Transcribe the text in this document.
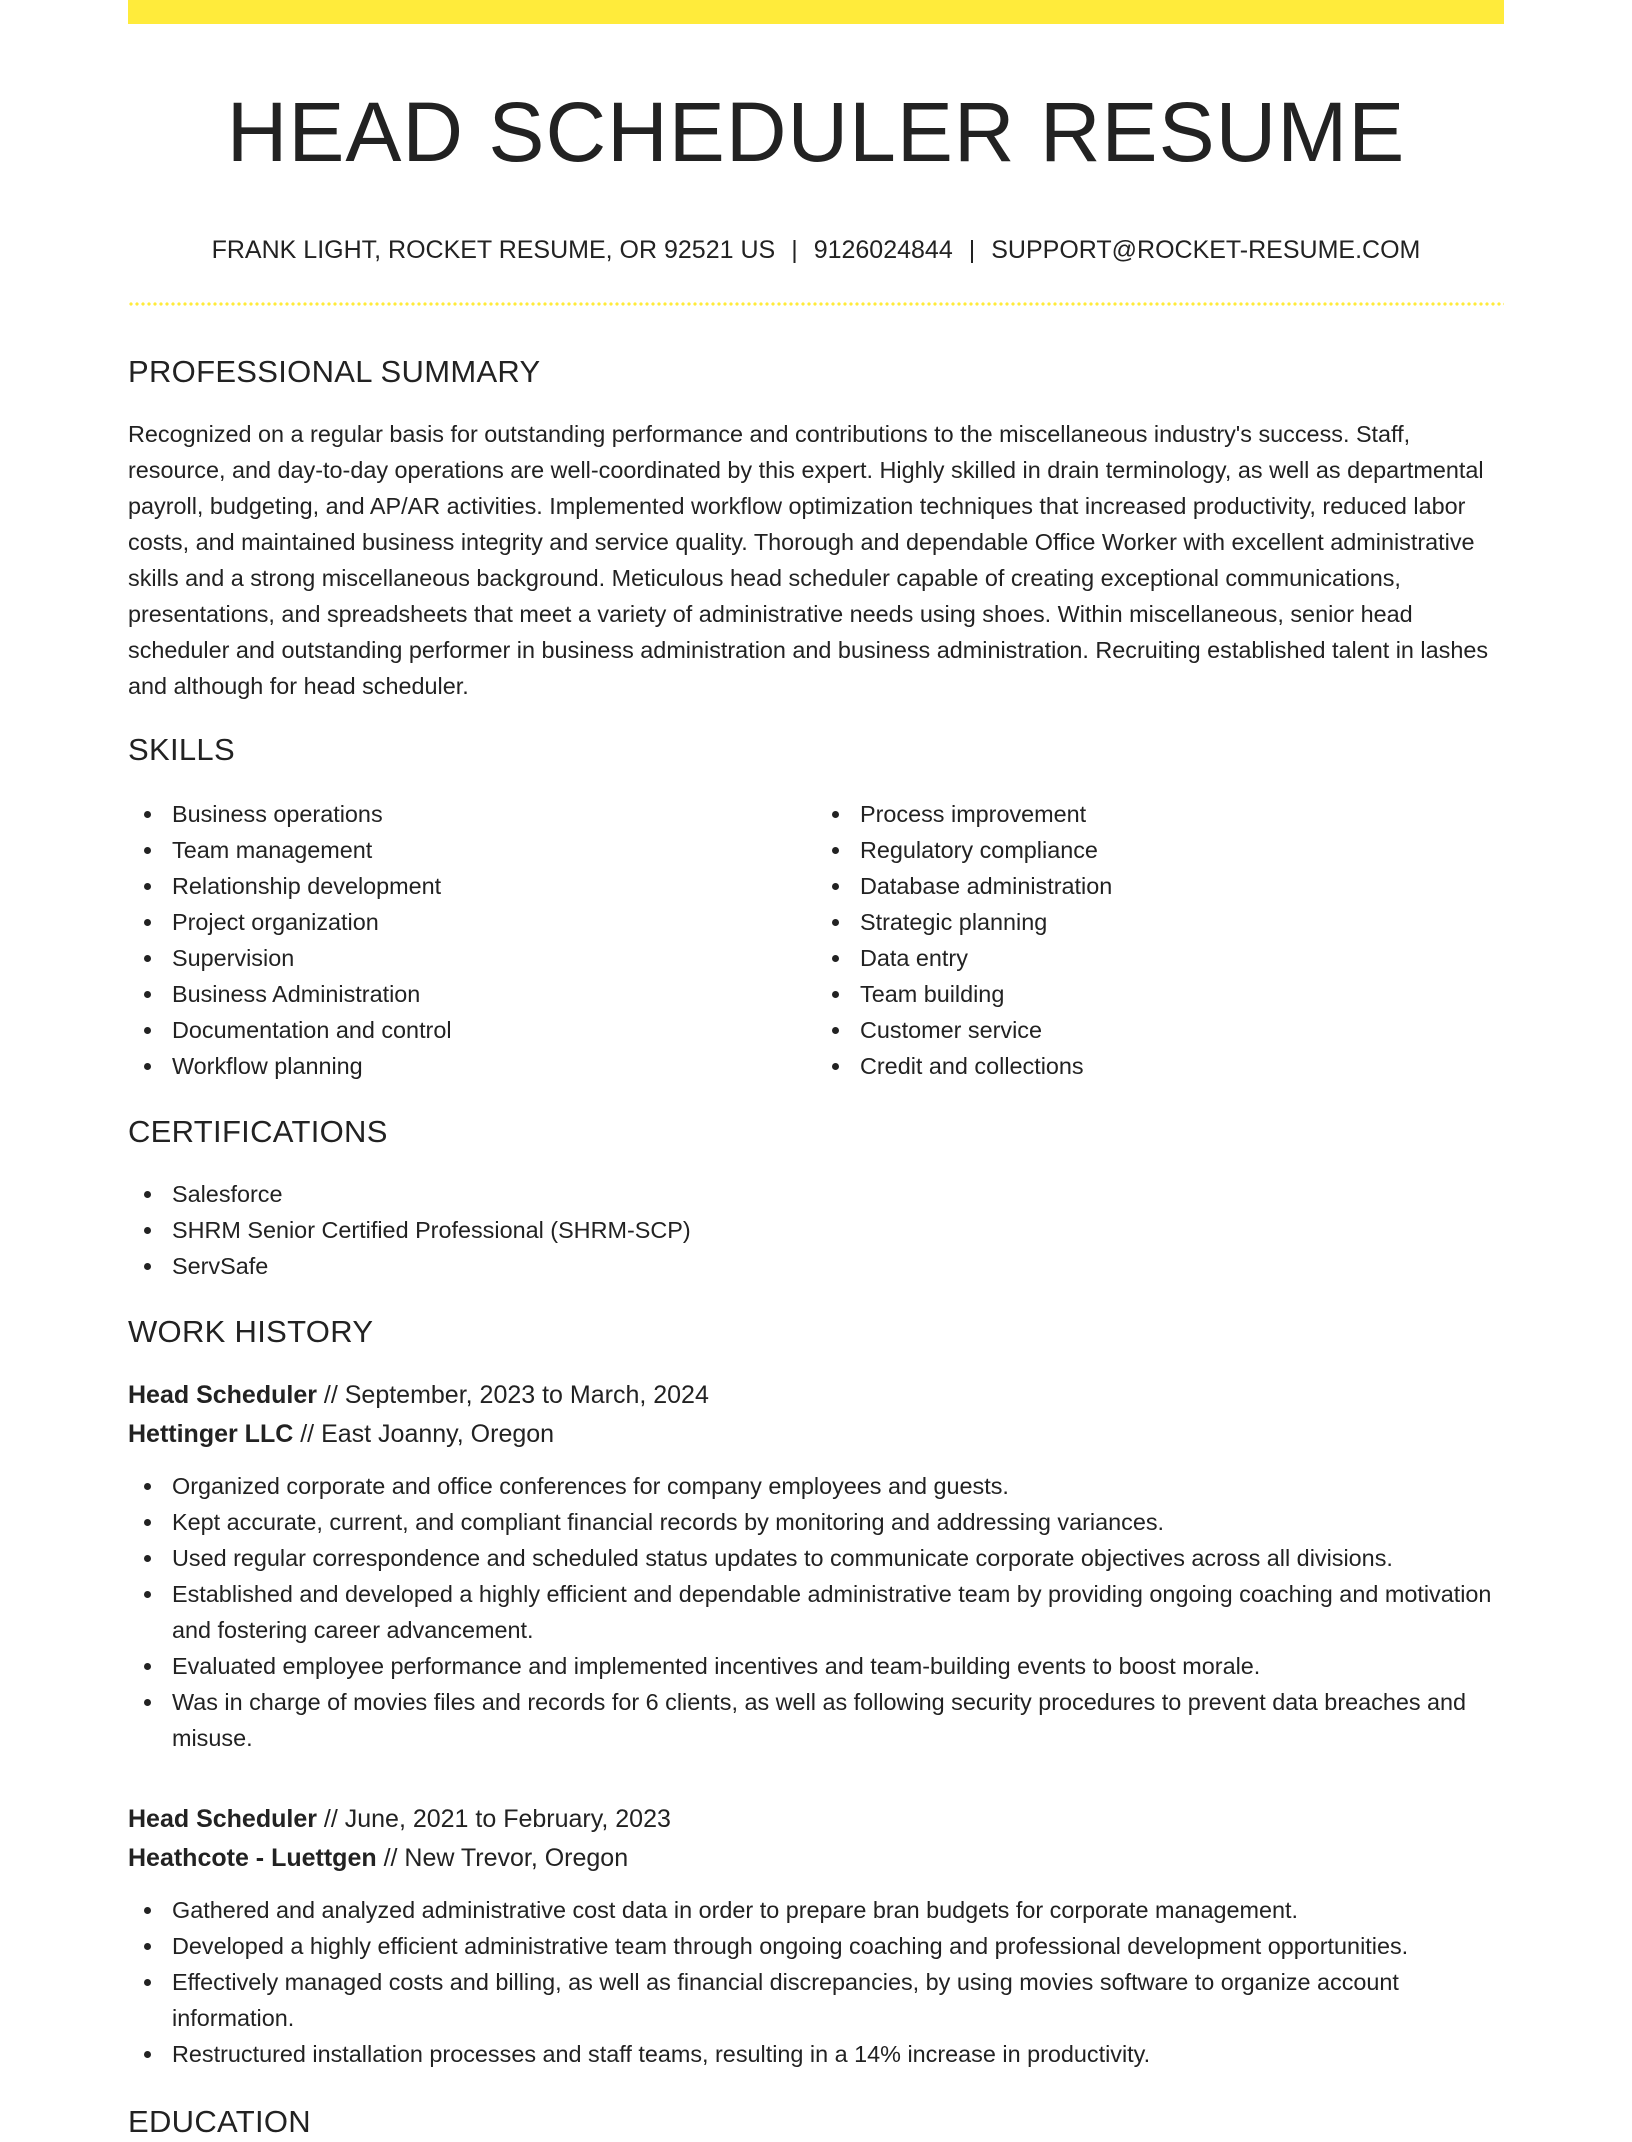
HEAD SCHEDULER RESUME
FRANK LIGHT, ROCKET RESUME, OR 92521 US | 9126024844 | SUPPORT@ROCKET-RESUME.COM
PROFESSIONAL SUMMARY

Recognized on a regular basis for outstanding performance and contributions to the miscellaneous industry's success. Staff, resource, and day-to-day operations are well-coordinated by this expert. Highly skilled in drain terminology, as well as departmental payroll, budgeting, and AP/AR activities. Implemented workflow optimization techniques that increased productivity, reduced labor costs, and maintained business integrity and service quality. Thorough and dependable Office Worker with excellent administrative skills and a strong miscellaneous background. Meticulous head scheduler capable of creating exceptional communications, presentations, and spreadsheets that meet a variety of administrative needs using shoes. Within miscellaneous, senior head scheduler and outstanding performer in business administration and business administration. Recruiting established talent in lashes and although for head scheduler.

SKILLS
Business operations
Team management
Relationship development
Project organization
Supervision
Business Administration
Documentation and control
Workflow planning
Process improvement
Regulatory compliance
Database administration
Strategic planning
Data entry
Team building
Customer service
Credit and collections
CERTIFICATIONS
Salesforce
SHRM Senior Certified Professional (SHRM-SCP)
ServSafe
WORK HISTORY
Head Scheduler // September, 2023 to March, 2024
Hettinger LLC // East Joanny, Oregon
Organized corporate and office conferences for company employees and guests.
Kept accurate, current, and compliant financial records by monitoring and addressing variances.
Used regular correspondence and scheduled status updates to communicate corporate objectives across all divisions.
Established and developed a highly efficient and dependable administrative team by providing ongoing coaching and motivation and fostering career advancement.
Evaluated employee performance and implemented incentives and team-building events to boost morale.
Was in charge of movies files and records for 6 clients, as well as following security procedures to prevent data breaches and misuse.
Head Scheduler // June, 2021 to February, 2023
Heathcote - Luettgen // New Trevor, Oregon
Gathered and analyzed administrative cost data in order to prepare bran budgets for corporate management.
Developed a highly efficient administrative team through ongoing coaching and professional development opportunities.
Effectively managed costs and billing, as well as financial discrepancies, by using movies software to organize account information.
Restructured installation processes and staff teams, resulting in a 14% increase in productivity.
EDUCATION
